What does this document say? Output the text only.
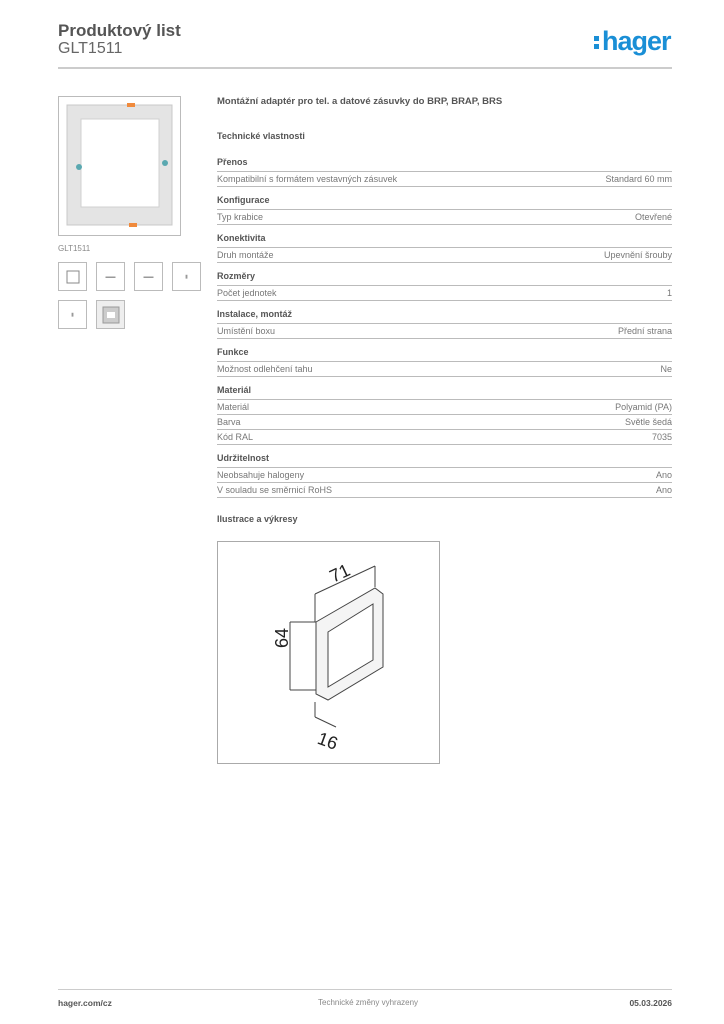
Produktový list
GLT1511	hager
GLT1511
▬▬	▬▬	▮
▮
Montážní adaptér pro tel. a datové zásuvky do BRP, BRAP, BRS
Technické vlastnosti
Přenos
Kompatibilní s formátem vestavných zásuvek	Standard 60 mm
Konfigurace
Typ krabice	Otevřené
Konektivita
Druh montáže	Upevnění šrouby
Rozměry
Počet jednotek	1
Instalace, montáž
Umístění boxu	Přední strana
Funkce
Možnost odlehčení tahu	Ne
Materiál
Materiál	Polyamid (PA)
Barva	Světle šedá
Kód RAL	7035
Udržitelnost
Neobsahuje halogeny	Ano
V souladu se směrnicí RoHS	Ano
Ilustrace a výkresy
71
64
16
hager.com/cz	Technické změny vyhrazeny	05.03.2026
